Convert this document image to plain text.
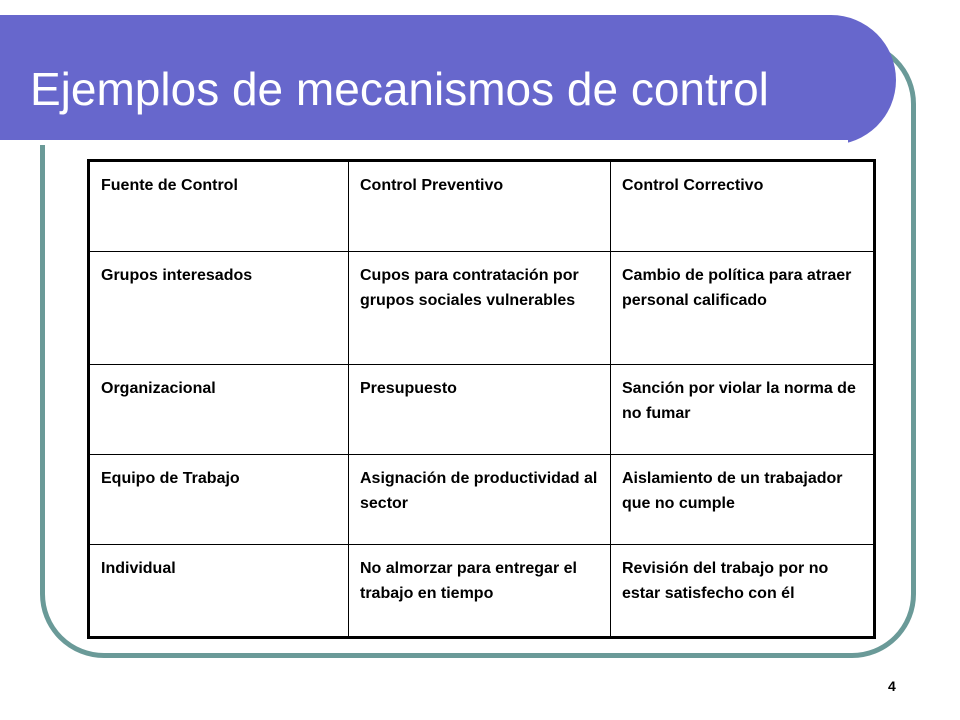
Ejemplos de mecanismos de control
Fuente de Control	Control Preventivo	Control Correctivo
Grupos interesados	Cupos para contratación por grupos sociales vulnerables	Cambio de política para atraer personal calificado
Organizacional	Presupuesto	Sanción por violar la norma de no fumar
Equipo de Trabajo	Asignación de productividad al sector	Aislamiento de un trabajador que no cumple
Individual	No almorzar para entregar el trabajo en tiempo	Revisión del trabajo por no estar satisfecho con él
4
